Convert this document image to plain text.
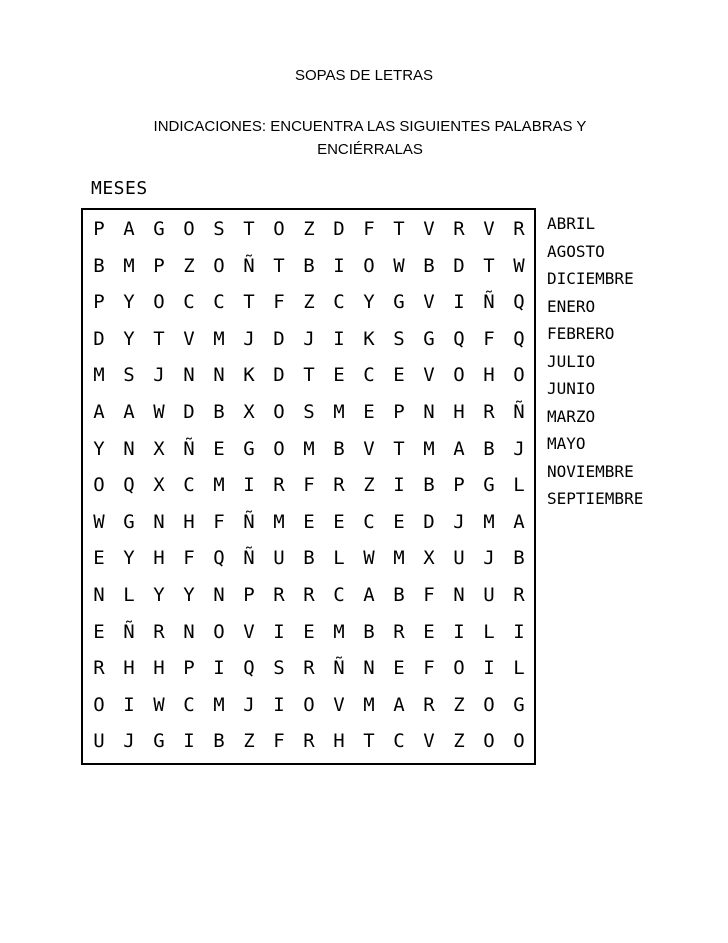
SOPAS DE LETRAS
INDICACIONES: ENCUENTRA LAS SIGUIENTES PALABRAS Y ENCIÉRRALAS
MESES
P A G O S T O Z D F T V R V R
B M P Z O Ñ T B I O W B D T W
P Y O C C T F Z C Y G V I Ñ Q
D Y T V M J D J I K S G Q F Q
M S J N N K D T E C E V O H O
A A W D B X O S M E P N H R Ñ
Y N X Ñ E G O M B V T M A B J
O Q X C M I R F R Z I B P G L
W G N H F Ñ M E E C E D J M A
E Y H F Q Ñ U B L W M X U J B
N L Y Y N P R R C A B F N U R
E Ñ R N O V I E M B R E I L I
R H H P I Q S R Ñ N E F O I L
O I W C M J I O V M A R Z O G
U J G I B Z F R H T C V Z O O
ABRIL
AGOSTO
DICIEMBRE
ENERO
FEBRERO
JULIO
JUNIO
MARZO
MAYO
NOVIEMBRE
SEPTIEMBRE
